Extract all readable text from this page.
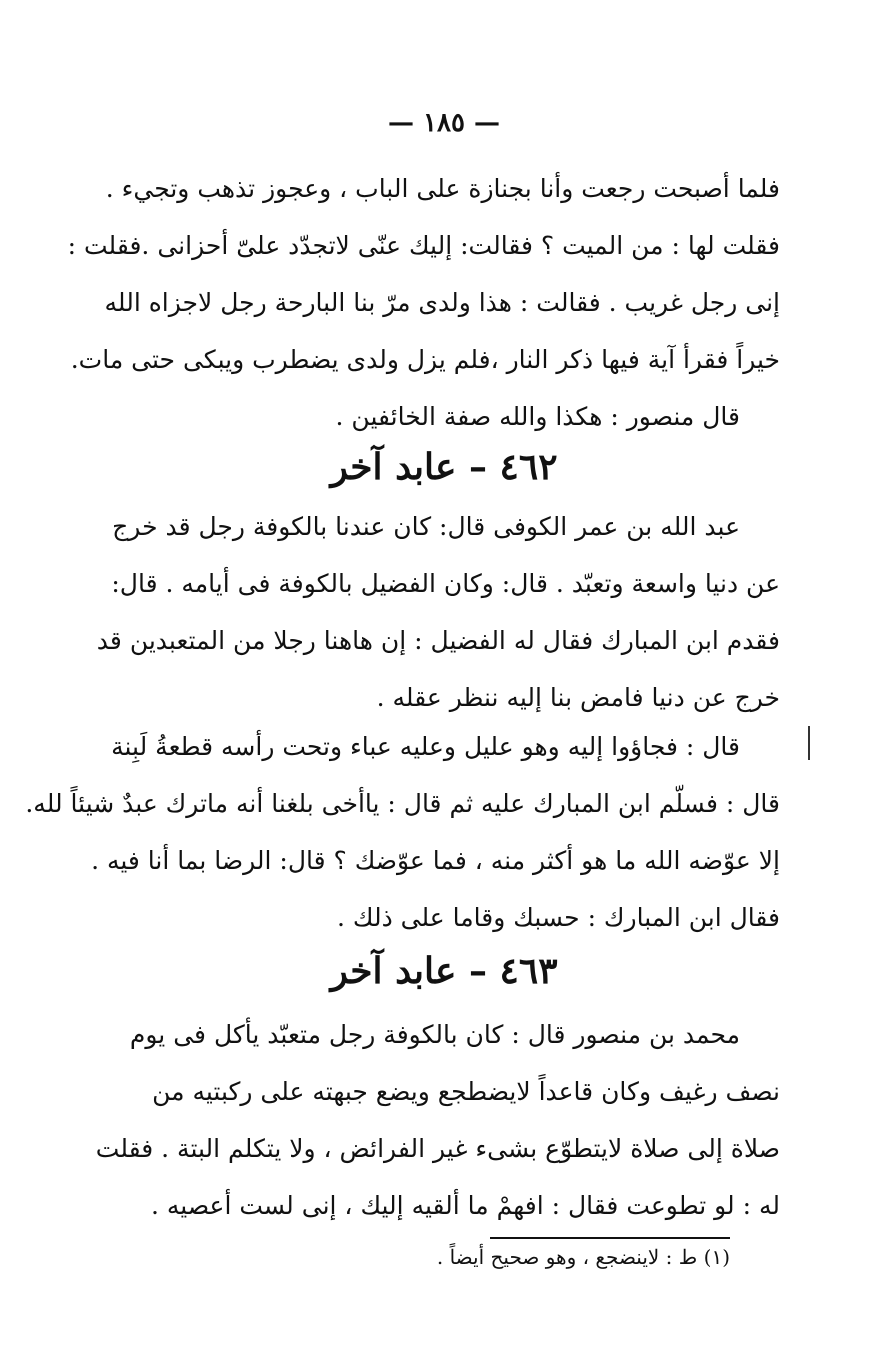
— ١٨٥ —
فلما أصبحت رجعت وأنا بجنازة على الباب ، وعجوز تذهب وتجيء .
فقلت لها : من الميت ؟ فقالت: إليك عنّى لاتجدّد علىّ أحزانى .فقلت :
إنى رجل غريب . فقالت : هذا ولدى مرّ بنا البارحة رجل لاجزاه الله
خيراً فقرأ آية فيها ذكر النار ،فلم يزل ولدى يضطرب ويبكى حتى مات.
قال منصور : هكذا والله صفة الخائفين .
٤٦٢ – عابد آخر
عبد الله بن عمر الكوفى قال: كان عندنا بالكوفة رجل قد خرج
عن دنيا واسعة وتعبّد . قال: وكان الفضيل بالكوفة فى أيامه . قال:
فقدم ابن المبارك فقال له الفضيل : إن هاهنا رجلا من المتعبدين قد
خرج عن دنيا فامض بنا إليه ننظر عقله .
قال : فجاؤوا إليه وهو عليل وعليه عباء وتحت رأسه قطعةُ لَبِنة
قال : فسلّم ابن المبارك عليه ثم قال : ياأخى بلغنا أنه ماترك عبدٌ شيئاً لله.
إلا عوّضه الله ما هو أكثر منه ، فما عوّضك ؟ قال: الرضا بما أنا فيه .
فقال ابن المبارك : حسبك وقاما على ذلك .
٤٦٣ – عابد آخر
محمد بن منصور قال : كان بالكوفة رجل متعبّد يأكل فى يوم
نصف رغيف وكان قاعداً لايضطجع ويضع جبهته على ركبتيه من
صلاة إلى صلاة لايتطوّع بشىء غير الفرائض ، ولا يتكلم البتة . فقلت
له : لو تطوعت فقال : افهمْ ما ألقيه إليك ، إنى لست أعصيه .
(١) ط : لاينضجع ، وهو صحيح أيضاً .
